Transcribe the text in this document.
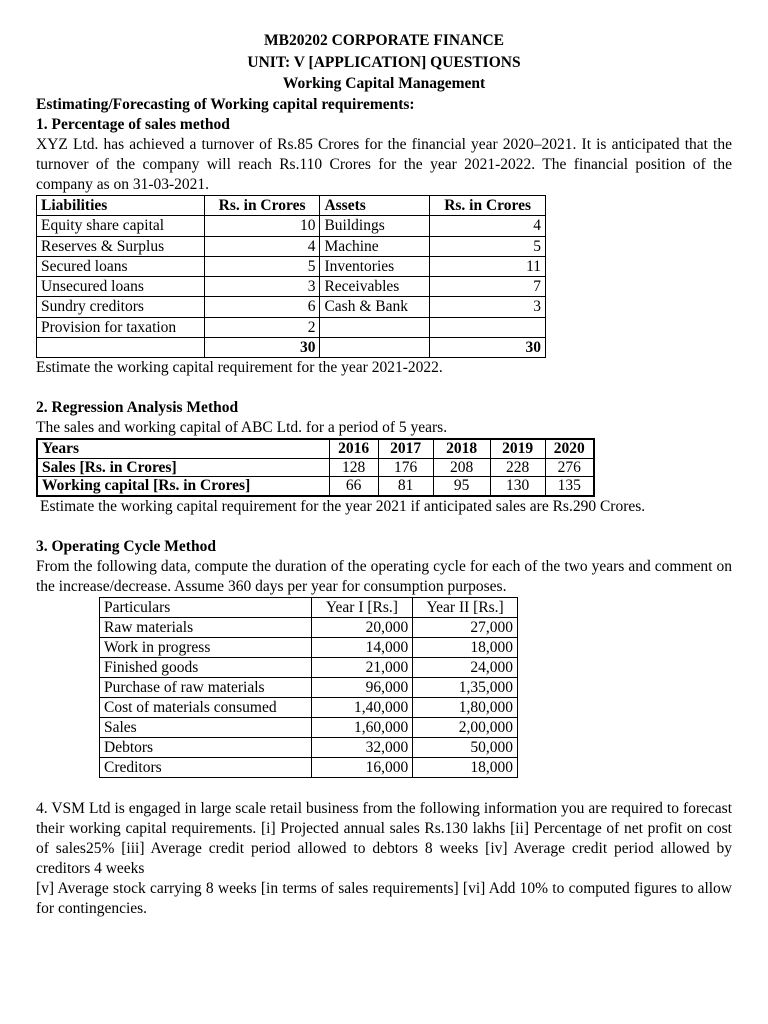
MB20202 CORPORATE FINANCE
UNIT: V [APPLICATION] QUESTIONS
Working Capital Management
Estimating/Forecasting of Working capital requirements:
1. Percentage of sales method
XYZ Ltd. has achieved a turnover of Rs.85 Crores for the financial year 2020–2021. It is anticipated that the turnover of the company will reach Rs.110 Crores for the year 2021-2022. The financial position of the company as on 31-03-2021.
Liabilities	Rs. in Crores	Assets	Rs. in Crores
Equity share capital	10	Buildings	4
Reserves & Surplus	4	Machine	5
Secured loans	5	Inventories	11
Unsecured loans	3	Receivables	7
Sundry creditors	6	Cash & Bank	3
Provision for taxation	2		
	30		30
Estimate the working capital requirement for the year 2021-2022.
2. Regression Analysis Method
The sales and working capital of ABC Ltd. for a period of 5 years.
Years	2016	2017	2018	2019	2020
Sales [Rs. in Crores]	128	176	208	228	276
Working capital [Rs. in Crores]	66	81	95	130	135
Estimate the working capital requirement for the year 2021 if anticipated sales are Rs.290 Crores.
3. Operating Cycle Method
From the following data, compute the duration of the operating cycle for each of the two years and comment on the increase/decrease. Assume 360 days per year for consumption purposes.
Particulars	Year I [Rs.]	Year II [Rs.]
Raw materials	20,000	27,000
Work in progress	14,000	18,000
Finished goods	21,000	24,000
Purchase of raw materials	96,000	1,35,000
Cost of materials consumed	1,40,000	1,80,000
Sales	1,60,000	2,00,000
Debtors	32,000	50,000
Creditors	16,000	18,000
4. VSM Ltd is engaged in large scale retail business from the following information you are required to forecast their working capital requirements. [i] Projected annual sales Rs.130 lakhs [ii] Percentage of net profit on cost of sales25% [iii] Average credit period allowed to debtors 8 weeks [iv] Average credit period allowed by creditors 4 weeks
[v] Average stock carrying 8 weeks [in terms of sales requirements] [vi] Add 10% to computed figures to allow for contingencies.
